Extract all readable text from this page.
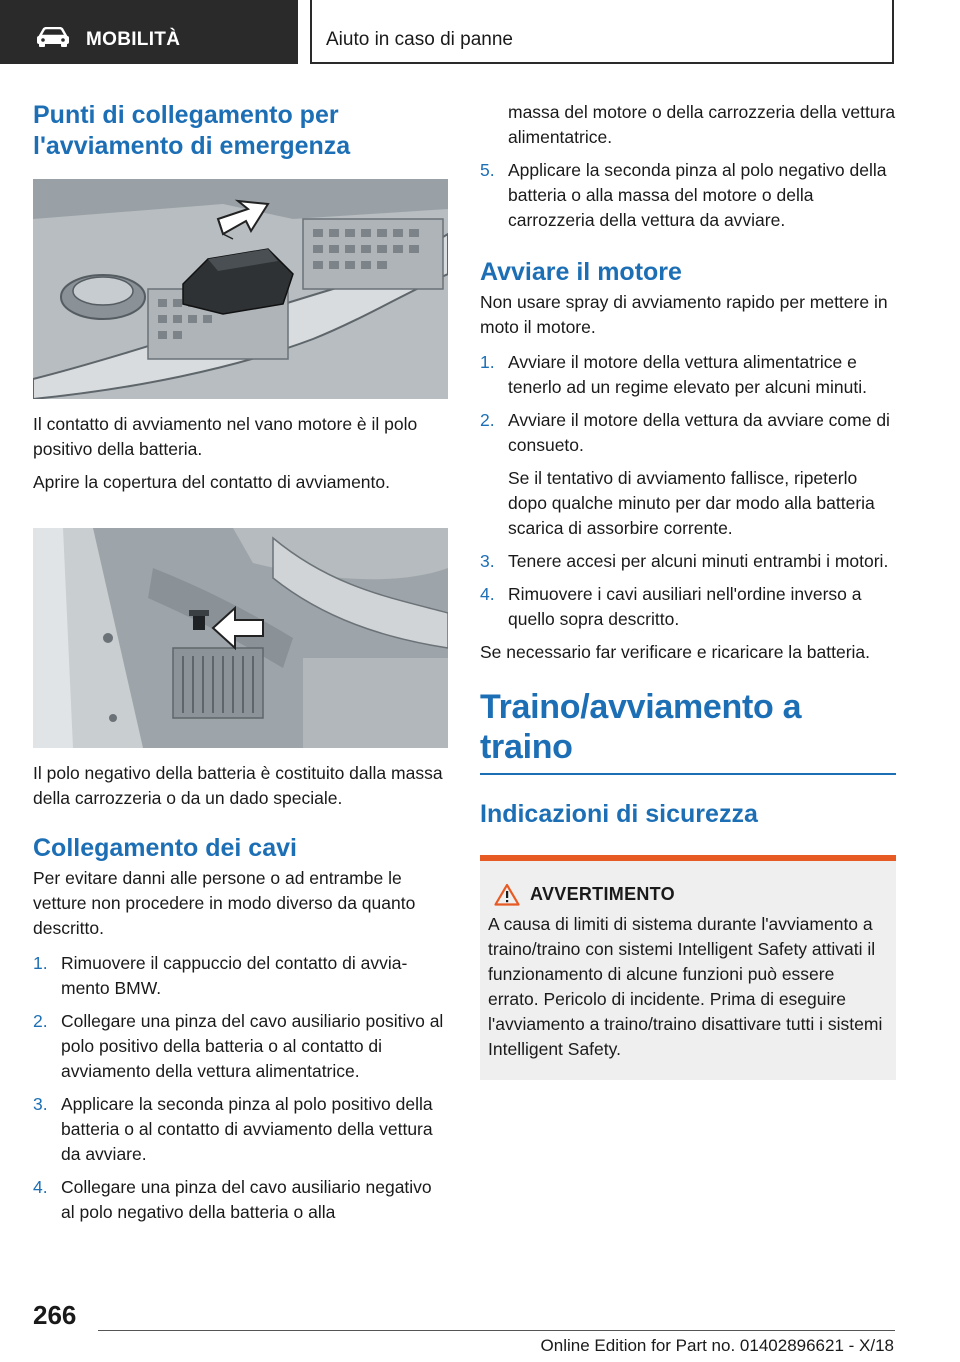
MOBILITÀ	Aiuto in caso di panne
Punti di collegamento per l'avviamento di emergenza

Il contatto di avviamento nel vano motore è il polo positivo della batteria.

Aprire la copertura del contatto di avviamento.

Il polo negativo della batteria è costituito dalla massa della carrozzeria o da un dado speciale.

Collegamento dei cavi

Per evitare danni alle persone o ad entrambe le vetture non procedere in modo diverso da quanto descritto.

1. Rimuovere il cappuccio del contatto di avviamento BMW.
2. Collegare una pinza del cavo ausiliario positivo al polo positivo della batteria o al contatto di avviamento della vettura alimentatrice.
3. Applicare la seconda pinza al polo positivo della batteria o al contatto di avviamento della vettura da avviare.
4. Collegare una pinza del cavo ausiliario negativo al polo negativo della batteria o alla

massa del motore o della carrozzeria della vettura alimentatrice.

5. Applicare la seconda pinza al polo negativo della batteria o alla massa del motore o della carrozzeria della vettura da avviare.
Avviare il motore

Non usare spray di avviamento rapido per mettere in moto il motore.

1. Avviare il motore della vettura alimentatrice e tenerlo ad un regime elevato per alcuni minuti.
2. Avviare il motore della vettura da avviare come di consueto.
Se il tentativo di avviamento fallisce, ripeterlo dopo qualche minuto per dar modo alla batteria scarica di assorbire corrente.
3. Tenere accesi per alcuni minuti entrambi i motori.
4. Rimuovere i cavi ausiliari nell'ordine inverso a quello sopra descritto.

Se necessario far verificare e ricaricare la batteria.

Traino/avviamento a traino
Indicazioni di sicurezza
AVVERTIMENTO

A causa di limiti di sistema durante l'avviamento a traino/traino con sistemi Intelligent Safety attivati il funzionamento di alcune funzioni può essere errato. Pericolo di incidente. Prima di eseguire l'avviamento a traino/traino disattivare tutti i sistemi Intelligent Safety.

266
Online Edition for Part no. 01402896621 - X/18
